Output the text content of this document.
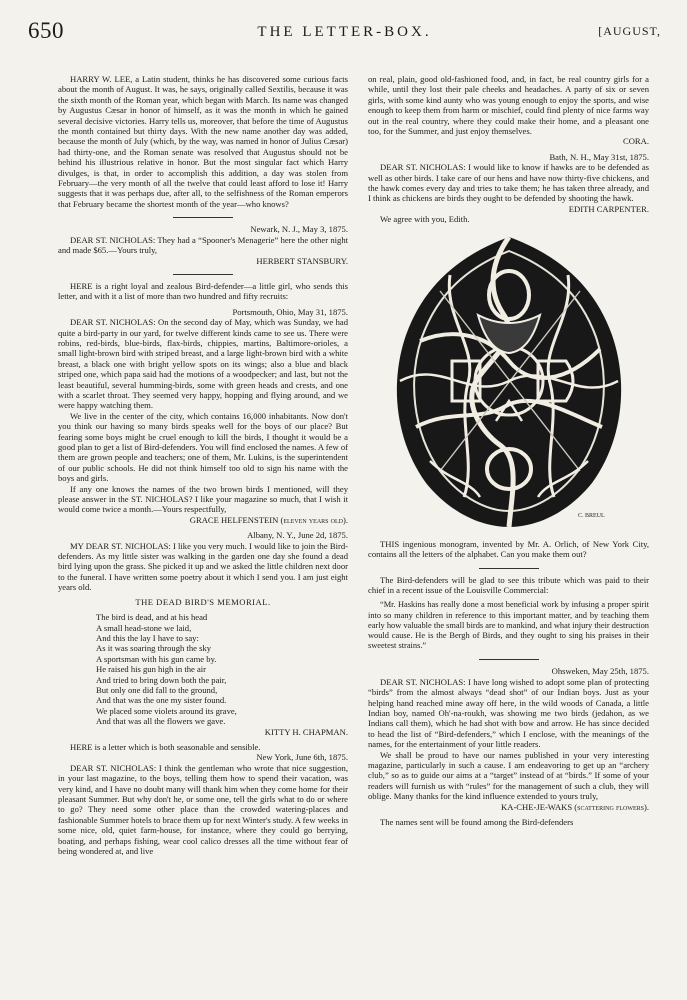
650	THE LETTER-BOX.	[AUGUST,

HARRY W. LEE, a Latin student, thinks he has discovered some curious facts about the month of August. It was, he says, originally called Sextilis, because it was the sixth month of the Roman year, which began with March. Its name was changed by Augustus Cæsar in honor of himself, as it was the month in which he gained several decisive victories. Harry tells us, moreover, that before the time of Augustus the month contained but thirty days. With the new name another day was added, because the month of July (which, by the way, was named in honor of Julius Cæsar) had thirty-one, and the Roman senate was resolved that Augustus should not be behind his illustrious relative in honor. But the most singular fact which Harry divulges, is that, in order to accomplish this addition, a day was stolen from February—the very month of all the twelve that could least afford to lose it! Harry suggests that it was perhaps due, after all, to the selfishness of the Roman emperors that February became the shortest month of the year—who knows?

Newark, N. J., May 3, 1875.

DEAR ST. NICHOLAS: They had a “Spooner's Menagerie” here the other night and made $65.—Yours truly,

HERBERT STANSBURY.

HERE is a right loyal and zealous Bird-defender—a little girl, who sends this letter, and with it a list of more than two hundred and fifty recruits:

Portsmouth, Ohio, May 31, 1875.

DEAR ST. NICHOLAS: On the second day of May, which was Sunday, we had quite a bird-party in our yard, for twelve different kinds came to see us. There were robins, red-birds, blue-birds, flax-birds, chippies, martins, Baltimore-orioles, a small light-brown bird with striped breast, and a large light-brown bird with a white breast, a black one with bright yellow spots on its wings; also a blue and black striped one, which papa said had the motions of a woodpecker; and last, but not the least beautiful, several humming-birds, some with green heads and crests, and one with a scarlet throat. They seemed very happy, hopping and flying around, and we were happy watching them.

We live in the center of the city, which contains 16,000 inhabitants. Now don't you think our having so many birds speaks well for the boys of our place? But fearing some boys might be cruel enough to kill the birds, I thought it would be a good plan to get a list of Bird-defenders. You will find enclosed the names. A few of them are grown people and teachers; one of them, Mr. Lukins, is the superintendent of our public schools. He did not think himself too old to sign his name with the boys and girls.

If any one knows the names of the two brown birds I mentioned, will they please answer in the ST. NICHOLAS? I like your magazine so much, that I wish it would come twice a month.—Yours respectfully,

GRACE HELFENSTEIN (eleven years old).

Albany, N. Y., June 2d, 1875.

MY DEAR ST. NICHOLAS: I like you very much. I would like to join the Bird-defenders. As my little sister was walking in the garden one day she found a dead bird lying upon the grass. She picked it up and we asked the little children next door to the funeral. I have written some poetry about it which I send you. I am just eight years old.

THE DEAD BIRD'S MEMORIAL.
The bird is dead, and at his head
A small head-stone we laid,
And this the lay I have to say:
As it was soaring through the sky
A sportsman with his gun came by.
He raised his gun high in the air
And tried to bring down both the pair,
But only one did fall to the ground,
And that was the one my sister found.
We placed some violets around its grave,
And that was all the flowers we gave.

KITTY H. CHAPMAN.

HERE is a letter which is both seasonable and sensible.

New York, June 6th, 1875.

DEAR ST. NICHOLAS: I think the gentleman who wrote that nice suggestion, in your last magazine, to the boys, telling them how to spend their vacation, was very kind, and I have no doubt many will thank him when they come home for their pleasant Summer. But why don't he, or some one, tell the girls what to do or where to go? They need some other place than the crowded watering-places and fashionable Summer hotels to brace them up for next Winter's study. A few weeks in some nice, old, quiet farm-house, for instance, where they could go berrying, boating, and perhaps fishing, wear cool calico dresses all the time without fear of being wondered at, and live

on real, plain, good old-fashioned food, and, in fact, be real country girls for a while, until they lost their pale cheeks and headaches. A party of six or seven girls, with some kind aunty who was young enough to enjoy the sports, and wise enough to keep them from harm or mischief, could find plenty of nice farms way out in the real country, where they could make their home, and a pleasant one too, for the Summer, and just enjoy themselves.

CORA.

Bath, N. H., May 31st, 1875.

DEAR ST. NICHOLAS: I would like to know if hawks are to be defended as well as other birds. I take care of our hens and have now thirty-five chickens, and the hawk comes every day and tries to take them; he has taken three already, and I think as chickens are birds they ought to be defended by shooting the hawk.

EDITH CARPENTER.

We agree with you, Edith.

C. BREUL

THIS ingenious monogram, invented by Mr. A. Orlich, of New York City, contains all the letters of the alphabet. Can you make them out?

The Bird-defenders will be glad to see this tribute which was paid to their chief in a recent issue of the Louisville Commercial:

“Mr. Haskins has really done a most beneficial work by infusing a proper spirit into so many children in reference to this important matter, and by teaching them early how valuable the small birds are to mankind, and what injury their destruction would cause. He is the Bergh of Birds, and they ought to sing his praises in their sweetest strains.”

Ohsweken, May 25th, 1875.

DEAR ST. NICHOLAS: I have long wished to adopt some plan of protecting “birds” from the almost always “dead shot” of our Indian boys. Just as your helping hand reached mine away off here, in the wild woods of Canada, a little Indian boy, named Oh'-na-roukh, was showing me two birds (jedahon, as we Indians call them), which he had shot with bow and arrow. He has since decided to head the list of “Bird-defenders,” which I enclose, with the meanings of the names, for the entertainment of your little readers.

We shall be proud to have our names published in your very interesting magazine, particularly in such a cause. I am endeavoring to get up an “archery club,” so as to guide our aims at a “target” instead of at “birds.” If some of your readers will furnish us with “rules” for the management of such a club, they will oblige. Many thanks for the kind influence extended to yours truly,

KA-CHE-JE-WAKS (scattering flowers).

The names sent will be found among the Bird-defenders
